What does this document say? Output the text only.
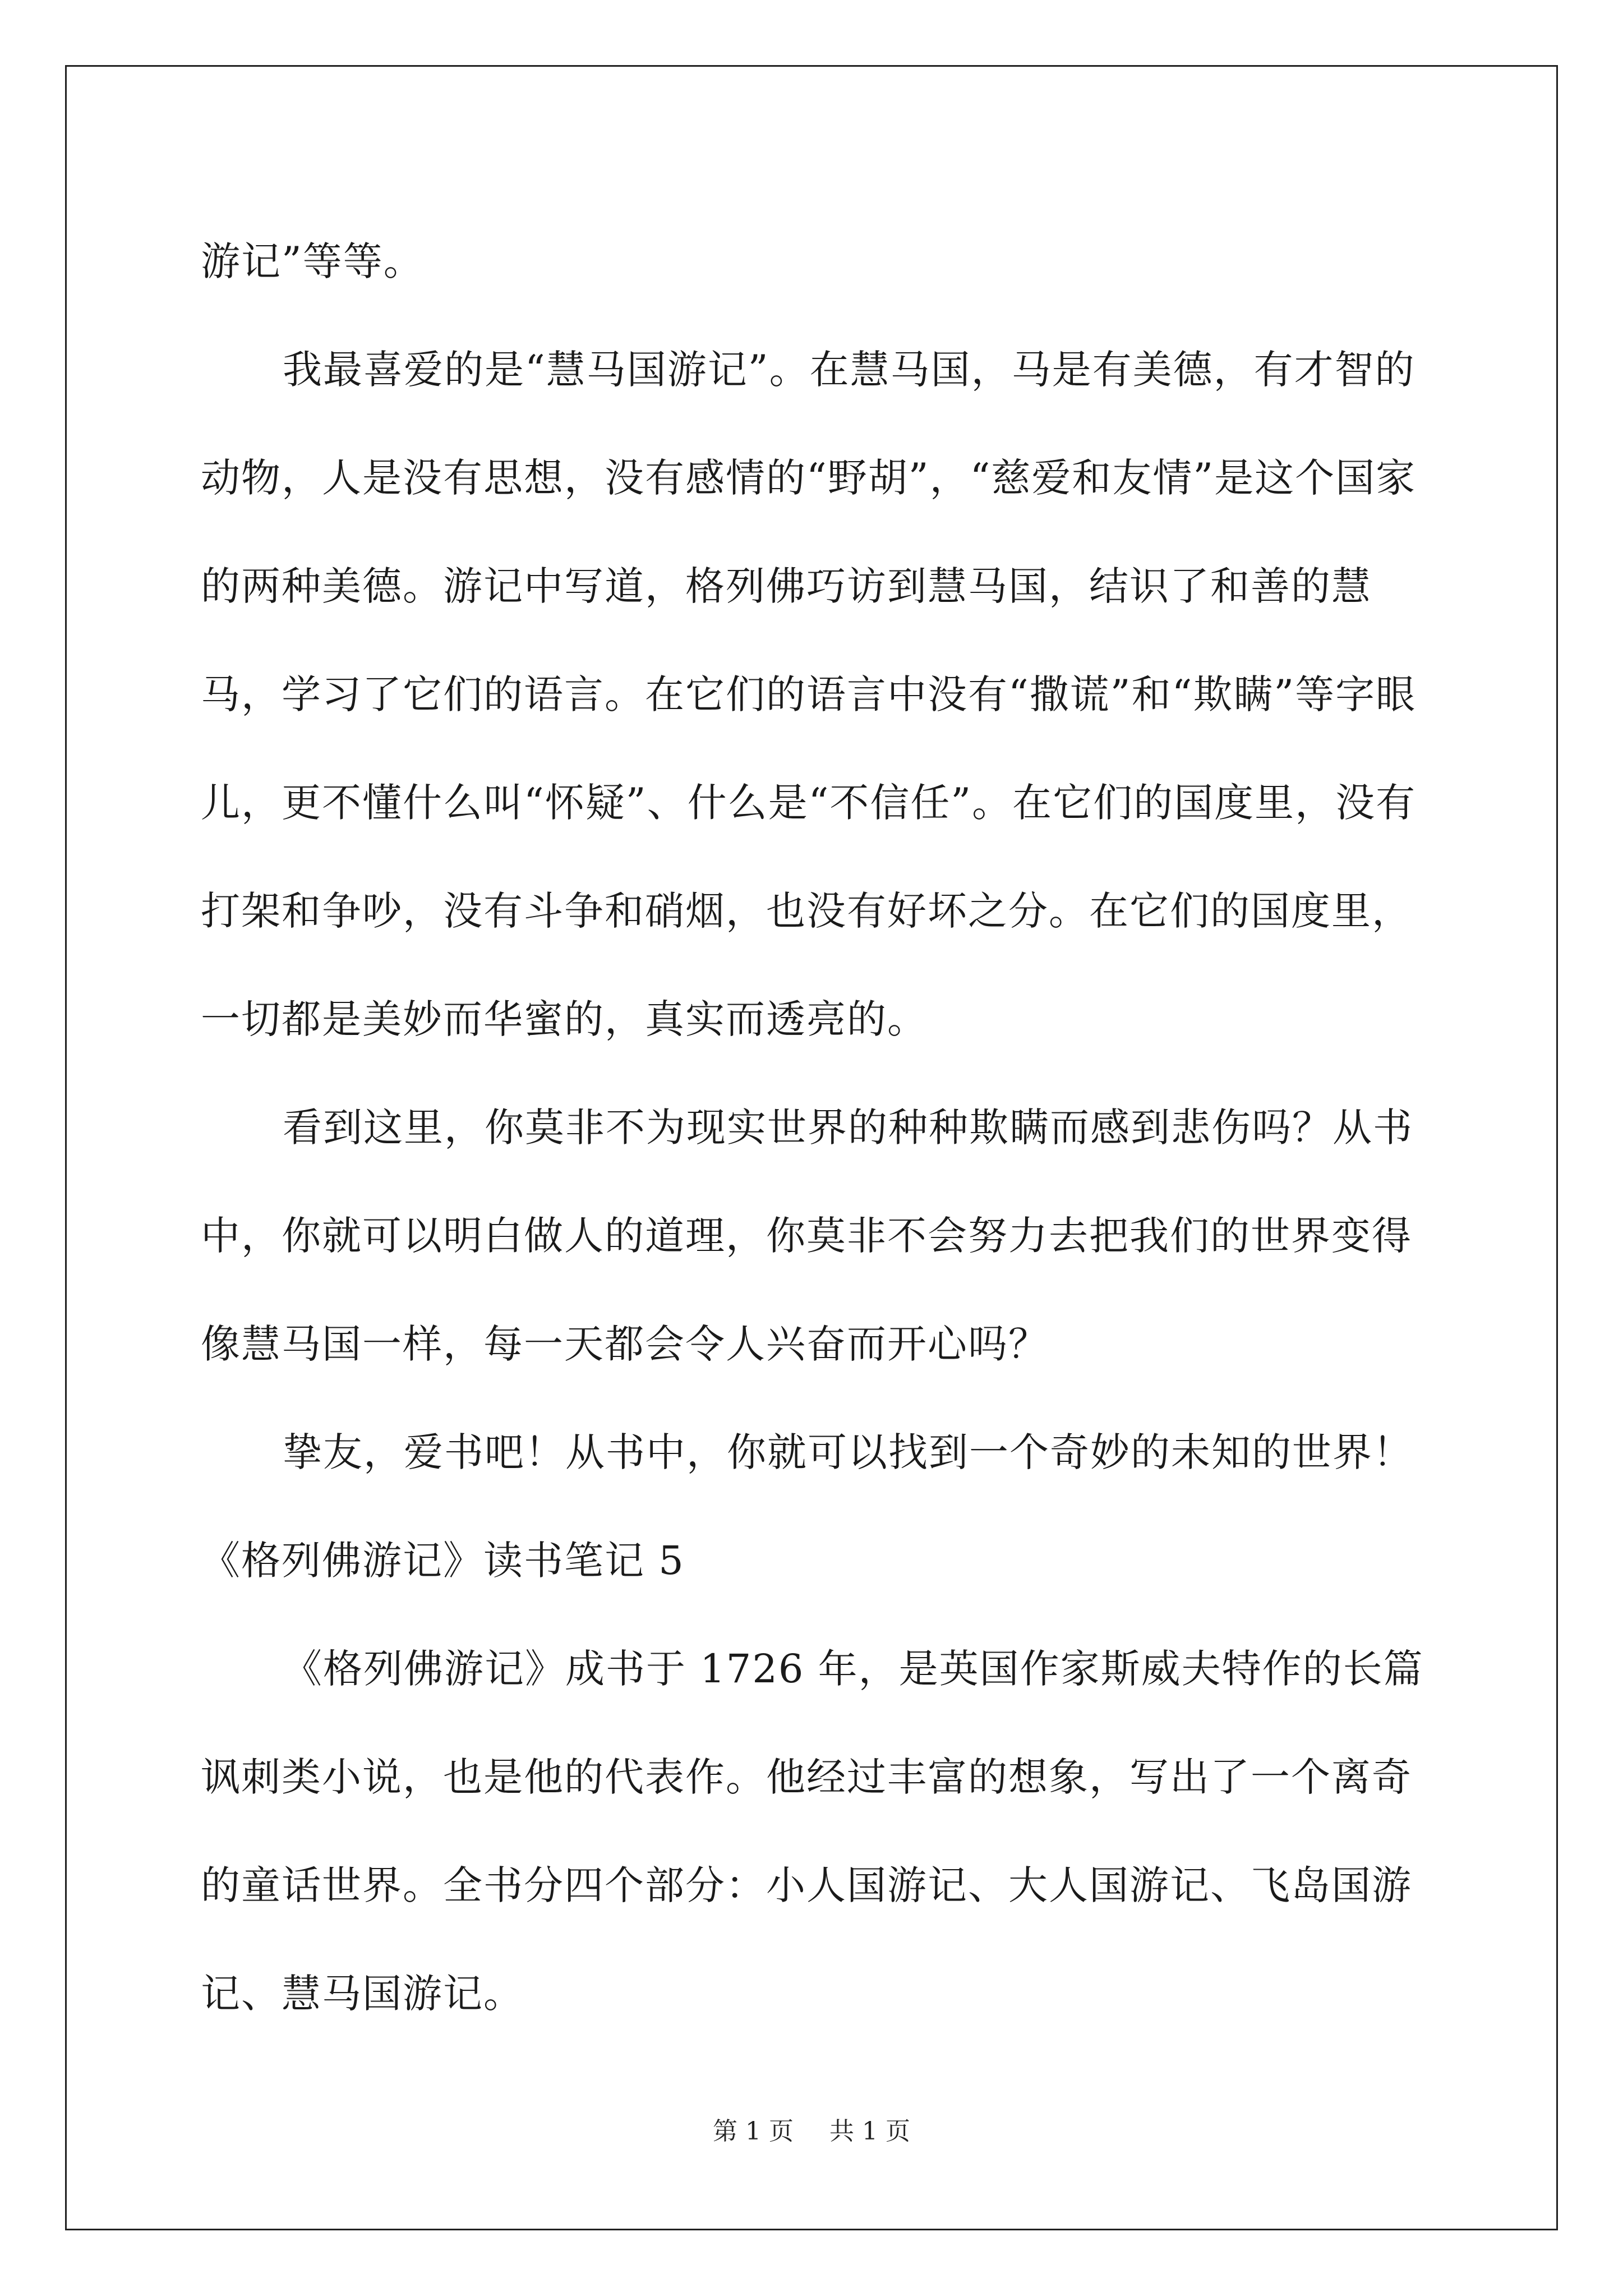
游记”等等。

我最喜爱的是“慧马国游记”。在慧马国，马是有美德，有才智的动物，人是没有思想，没有感情的“野胡”，“慈爱和友情”是这个国家的两种美德。游记中写道，格列佛巧访到慧马国，结识了和善的慧马，学习了它们的语言。在它们的语言中没有“撒谎”和“欺瞒”等字眼儿，更不懂什么叫“怀疑”、什么是“不信任”。在它们的国度里，没有打架和争吵，没有斗争和硝烟，也没有好坏之分。在它们的国度里，一切都是美妙而华蜜的，真实而透亮的。

看到这里，你莫非不为现实世界的种种欺瞒而感到悲伤吗？从书中，你就可以明白做人的道理，你莫非不会努力去把我们的世界变得像慧马国一样，每一天都会令人兴奋而开心吗？

挚友，爱书吧！从书中，你就可以找到一个奇妙的未知的世界！

《格列佛游记》读书笔记 5

《格列佛游记》成书于 1726 年，是英国作家斯威夫特作的长篇讽刺类小说，也是他的代表作。他经过丰富的想象，写出了一个离奇的童话世界。全书分四个部分：小人国游记、大人国游记、飞岛国游记、慧马国游记。

第 1 页 共 1 页
